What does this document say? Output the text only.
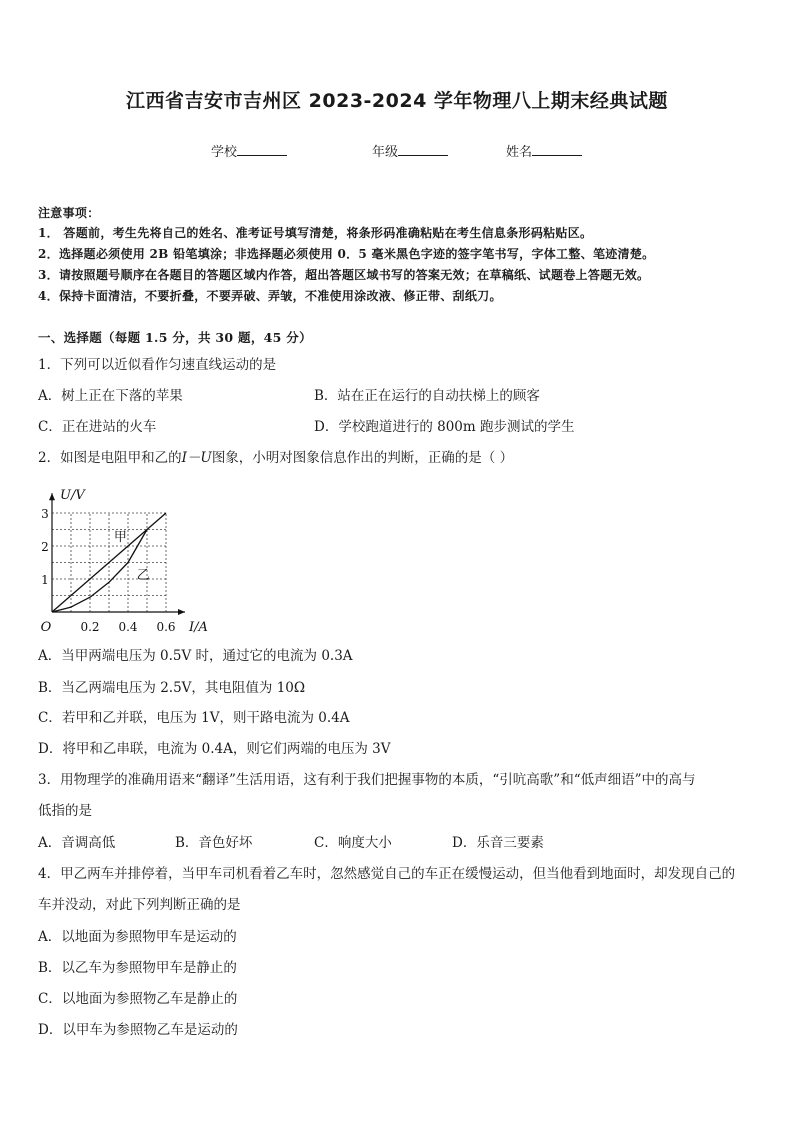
江西省吉安市吉州区 2023-2024 学年物理八上期末经典试题
学校	年级	姓名
注意事项：
1． 答题前，考生先将自己的姓名、准考证号填写清楚，将条形码准确粘贴在考生信息条形码粘贴区。
2．选择题必须使用 2B 铅笔填涂；非选择题必须使用 0．5 毫米黑色字迹的签字笔书写，字体工整、笔迹清楚。
3．请按照题号顺序在各题目的答题区域内作答，超出答题区域书写的答案无效；在草稿纸、试题卷上答题无效。
4．保持卡面清洁，不要折叠，不要弄破、弄皱，不准使用涂改液、修正带、刮纸刀。
一、选择题（每题 1.5 分，共 30 题，45 分）
1．下列可以近似看作匀速直线运动的是
A．树上正在下落的苹果	B．站在正在运行的自动扶梯上的顾客
C．正在进站的火车	D．学校跑道进行的 800m 跑步测试的学生
2．如图是电阻甲和乙的I－U图象，小明对图象信息作出的判断，正确的是（ ）
甲
乙
0.2 0.4 0.6
1
2
3
O	I/A
U/V
A．当甲两端电压为 0.5V 时，通过它的电流为 0.3A
B．当乙两端电压为 2.5V，其电阻值为 10Ω
C．若甲和乙并联，电压为 1V，则干路电流为 0.4A
D．将甲和乙串联，电流为 0.4A，则它们两端的电压为 3V
3．用物理学的准确用语来“翻译”生活用语，这有利于我们把握事物的本质，“引吭高歌”和“低声细语”中的高与
低指的是
A．音调高低	B．音色好坏	C．响度大小	D．乐音三要素
4．甲乙两车并排停着，当甲车司机看着乙车时，忽然感觉自己的车正在缓慢运动，但当他看到地面时，却发现自己的
车并没动，对此下列判断正确的是
A．以地面为参照物甲车是运动的
B．以乙车为参照物甲车是静止的
C．以地面为参照物乙车是静止的
D．以甲车为参照物乙车是运动的
